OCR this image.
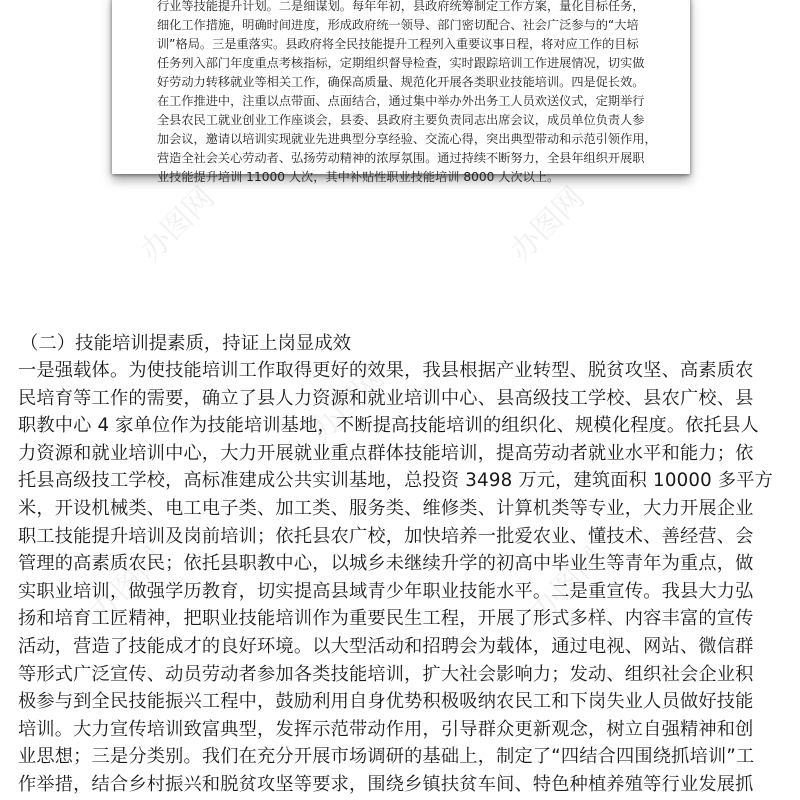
行业等技能提升计划。二是细谋划。每年年初，县政府统筹制定工作方案，量化目标任务，
细化工作措施，明确时间进度，形成政府统一领导、部门密切配合、社会广泛参与的“大培
训”格局。三是重落实。县政府将全民技能提升工程列入重要议事日程，将对应工作的目标
任务列入部门年度重点考核指标，定期组织督导检查，实时跟踪培训工作进展情况，切实做
好劳动力转移就业等相关工作，确保高质量、规范化开展各类职业技能培训。四是促长效。
在工作推进中，注重以点带面、点面结合，通过集中举办外出务工人员欢送仪式，定期举行
全县农民工就业创业工作座谈会，县委、县政府主要负责同志出席会议，成员单位负责人参
加会议，邀请以培训实现就业先进典型分享经验、交流心得，突出典型带动和示范引领作用，
营造全社会关心劳动者、弘扬劳动精神的浓厚氛围。通过持续不断努力，全县年组织开展职
业技能提升培训 11000 人次，其中补贴性职业技能培训 8000 人次以上。
（二）技能培训提素质，持证上岗显成效
一是强载体。为使技能培训工作取得更好的效果，我县根据产业转型、脱贫攻坚、高素质农
民培育等工作的需要，确立了县人力资源和就业培训中心、县高级技工学校、县农广校、县
职教中心 4 家单位作为技能培训基地，不断提高技能培训的组织化、规模化程度。依托县人
力资源和就业培训中心，大力开展就业重点群体技能培训，提高劳动者就业水平和能力；依
托县高级技工学校，高标准建成公共实训基地，总投资 3498 万元，建筑面积 10000 多平方
米，开设机械类、电工电子类、加工类、服务类、维修类、计算机类等专业，大力开展企业
职工技能提升培训及岗前培训；依托县农广校，加快培养一批爱农业、懂技术、善经营、会
管理的高素质农民；依托县职教中心，以城乡未继续升学的初高中毕业生等青年为重点，做
实职业培训，做强学历教育，切实提高县域青少年职业技能水平。二是重宣传。我县大力弘
扬和培育工匠精神，把职业技能培训作为重要民生工程，开展了形式多样、内容丰富的宣传
活动，营造了技能成才的良好环境。以大型活动和招聘会为载体，通过电视、网站、微信群
等形式广泛宣传、动员劳动者参加各类技能培训，扩大社会影响力；发动、组织社会企业积
极参与到全民技能振兴工程中，鼓励利用自身优势积极吸纳农民工和下岗失业人员做好技能
培训。大力宣传培训致富典型，发挥示范带动作用，引导群众更新观念，树立自强精神和创
业思想；三是分类别。我们在充分开展市场调研的基础上，制定了“四结合四围绕抓培训”工
作举措，结合乡村振兴和脱贫攻坚等要求，围绕乡镇扶贫车间、特色种植养殖等行业发展抓
办图网	办图网
办图网
办图网	办图网
